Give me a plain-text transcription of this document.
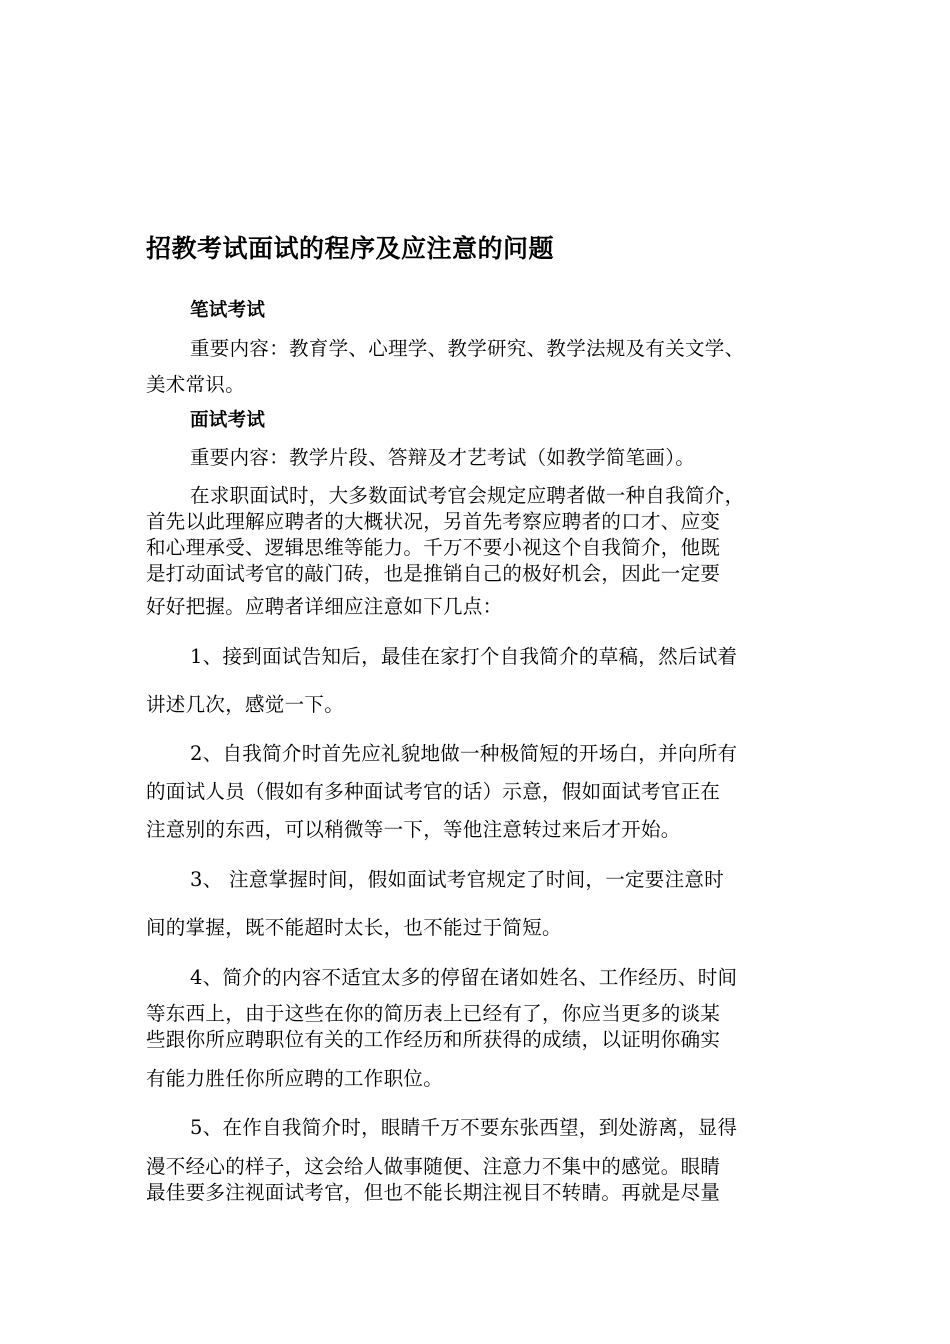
招教考试面试的程序及应注意的问题
笔试考试
重要内容：教育学、心理学、教学研究、教学法规及有关文学、
美术常识。
面试考试
重要内容：教学片段、答辩及才艺考试（如教学简笔画）。
在求职面试时，大多数面试考官会规定应聘者做一种自我简介，
首先以此理解应聘者的大概状况，另首先考察应聘者的口才、应变
和心理承受、逻辑思维等能力。千万不要小视这个自我简介，他既
是打动面试考官的敲门砖，也是推销自己的极好机会，因此一定要
好好把握。应聘者详细应注意如下几点：
1、接到面试告知后，最佳在家打个自我简介的草稿，然后试着
讲述几次，感觉一下。
2、自我简介时首先应礼貌地做一种极简短的开场白，并向所有
的面试人员（假如有多种面试考官的话）示意，假如面试考官正在
注意别的东西，可以稍微等一下，等他注意转过来后才开始。
3、 注意掌握时间，假如面试考官规定了时间，一定要注意时
间的掌握，既不能超时太长，也不能过于简短。
4、简介的内容不适宜太多的停留在诸如姓名、工作经历、时间
等东西上，由于这些在你的简历表上已经有了，你应当更多的谈某
些跟你所应聘职位有关的工作经历和所获得的成绩，以证明你确实
有能力胜任你所应聘的工作职位。
5、在作自我简介时，眼睛千万不要东张西望，到处游离，显得
漫不经心的样子，这会给人做事随便、注意力不集中的感觉。眼睛
最佳要多注视面试考官，但也不能长期注视目不转睛。再就是尽量
